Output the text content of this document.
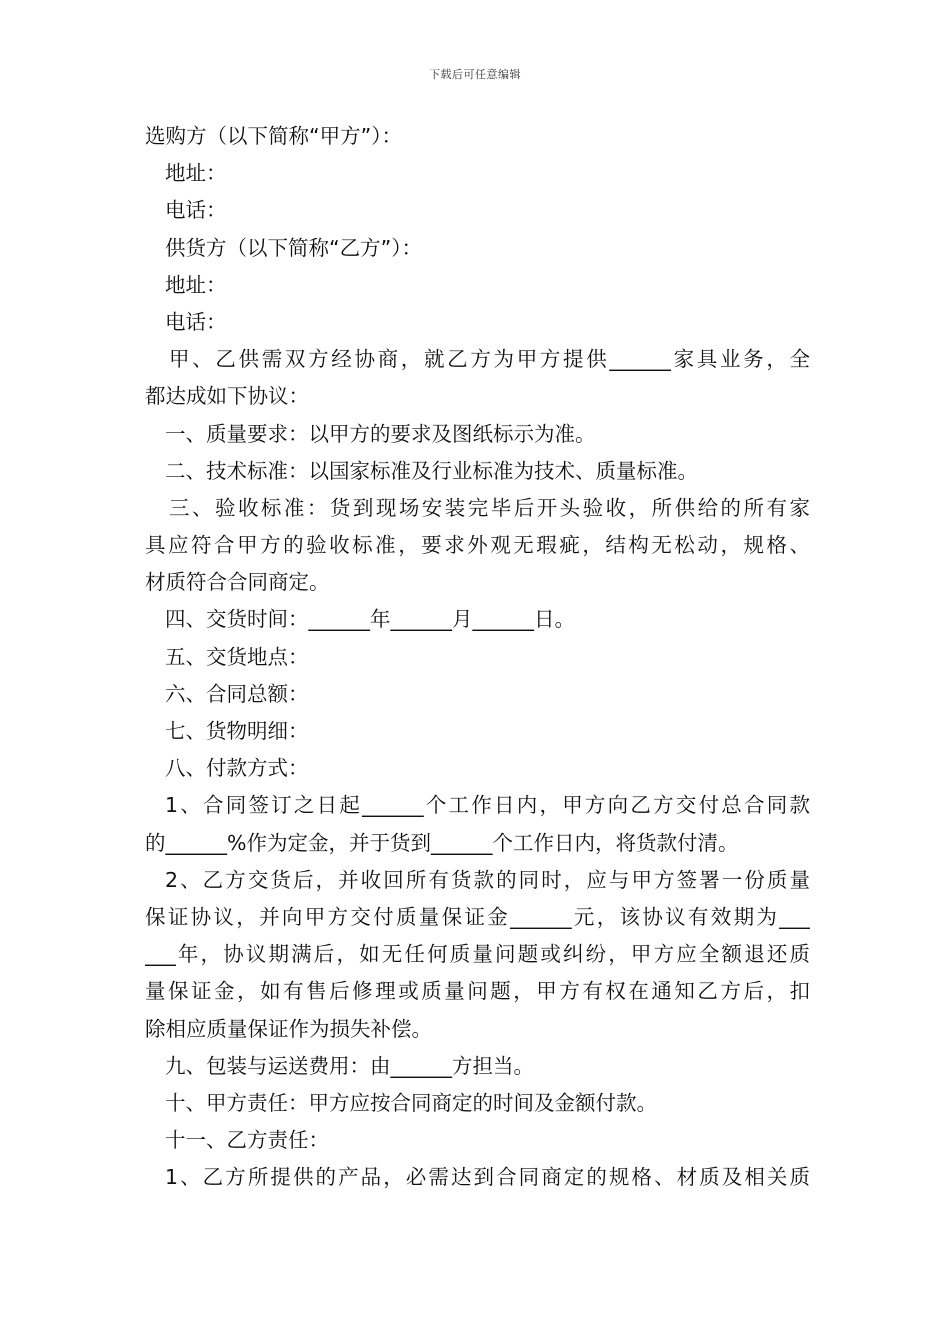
下载后可任意编辑
选购方（以下简称“甲方”）：
地址：
电话：
供货方（以下简称“乙方”）：
地址：
电话：
甲、乙供需双方经协商，就乙方为甲方提供______家具业务，全
都达成如下协议：
一、质量要求：以甲方的要求及图纸标示为准。
二、技术标准：以国家标准及行业标准为技术、质量标准。
三、验收标准：货到现场安装完毕后开头验收，所供给的所有家
具应符合甲方的验收标准，要求外观无瑕疵，结构无松动，规格、
材质符合合同商定。
四、交货时间：______年______月______日。
五、交货地点：
六、合同总额：
七、货物明细：
八、付款方式：
1、合同签订之日起______个工作日内，甲方向乙方交付总合同款
的______%作为定金，并于货到______个工作日内，将货款付清。
2、乙方交货后，并收回所有货款的同时，应与甲方签署一份质量
保证协议，并向甲方交付质量保证金______元，该协议有效期为___
___年，协议期满后，如无任何质量问题或纠纷，甲方应全额退还质
量保证金，如有售后修理或质量问题，甲方有权在通知乙方后，扣
除相应质量保证作为损失补偿。
九、包装与运送费用：由______方担当。
十、甲方责任：甲方应按合同商定的时间及金额付款。
十一、乙方责任：
1、乙方所提供的产品，必需达到合同商定的规格、材质及相关质
